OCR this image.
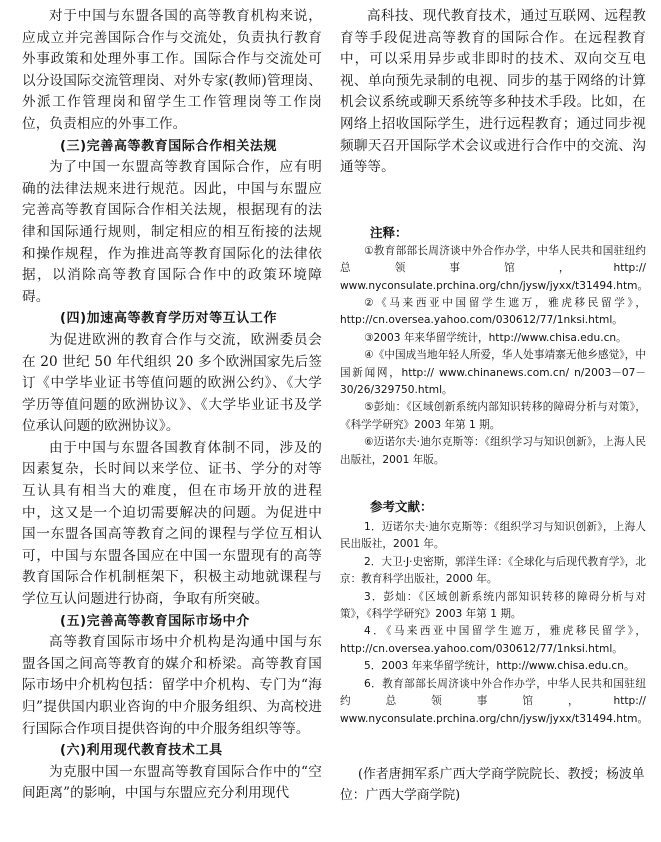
对于中国与东盟各国的高等教育机构来说，应成立并完善国际合作与交流处，负责执行教育外事政策和处理外事工作。国际合作与交流处可以分设国际交流管理岗、对外专家(教师)管理岗、外派工作管理岗和留学生工作管理岗等工作岗位，负责相应的外事工作。

(三)完善高等教育国际合作相关法规

为了中国一东盟高等教育国际合作，应有明确的法律法规来进行规范。因此，中国与东盟应完善高等教育国际合作相关法规，根据现有的法律和国际通行规则，制定相应的相互衔接的法规和操作规程，作为推进高等教育国际化的法律依据，以消除高等教育国际合作中的政策环境障碍。

(四)加速高等教育学历对等互认工作

为促进欧洲的教育合作与交流，欧洲委员会在 20 世纪 50 年代组织 20 多个欧洲国家先后签订《中学毕业证书等值问题的欧洲公约》、《大学学历等值问题的欧洲协议》、《大学毕业证书及学位承认问题的欧洲协议》。

由于中国与东盟各国教育体制不同，涉及的因素复杂，长时间以来学位、证书、学分的对等互认具有相当大的难度，但在市场开放的进程中，这又是一个迫切需要解决的问题。为促进中国一东盟各国高等教育之间的课程与学位互相认可，中国与东盟各国应在中国一东盟现有的高等教育国际合作机制框架下，积极主动地就课程与学位互认问题进行协商，争取有所突破。

(五)完善高等教育国际市场中介

高等教育国际市场中介机构是沟通中国与东盟各国之间高等教育的媒介和桥梁。高等教育国际市场中介机构包括：留学中介机构、专门为“海归”提供国内职业咨询的中介服务组织、为高校进行国际合作项目提供咨询的中介服务组织等等。

(六)利用现代教育技术工具

为克服中国一东盟高等教育国际合作中的“空间距离”的影响，中国与东盟应充分利用现代

高科技、现代教育技术，通过互联网、远程教育等手段促进高等教育的国际合作。在远程教育中，可以采用异步或非即时的技术、双向交互电视、单向预先录制的电视、同步的基于网络的计算机会议系统或聊天系统等多种技术手段。比如，在网络上招收国际学生，进行远程教育；通过同步视频聊天召开国际学术会议或进行合作中的交流、沟通等等。

注释：

①教育部部长周济谈中外合作办学，中华人民共和国驻纽约总领事馆，http:// www.nyconsulate.prchina.org/chn/jysw/jyxx/t31494.htm。

②《马来西亚中国留学生遮万，雅虎移民留学》，http://cn.oversea.yahoo.com/030612/77/1nksi.html。

③2003 年来华留学统计，http://www.chisa.edu.cn。

④《中国成当地年轻人所爱，华人处事靖寨无他乡感觉》，中国新闻网，http:// www.chinanews.com.cn/ n/2003－07－30/26/329750.html。

⑤彭灿：《区域创新系统内部知识转移的障碍分析与对策》，《科学学研究》2003 年第 1 期。

⑥迈诺尔夫·迪尔克斯等：《组织学习与知识创新》，上海人民出版社，2001 年版。

参考文献：

1．迈诺尔夫·迪尔克斯等：《组织学习与知识创新》，上海人民出版社，2001 年。

2．大卫·J·史密斯，郭洋生译：《全球化与后现代教育学》，北京：教育科学出版社，2000 年。

3．彭灿：《区域创新系统内部知识转移的障碍分析与对策》，《科学学研究》2003 年第 1 期。

4．《马来西亚中国留学生遮万，雅虎移民留学》，http://cn.oversea.yahoo.com/030612/77/1nksi.html。

5．2003 年来华留学统计，http://www.chisa.edu.cn。

6．教育部部长周济谈中外合作办学，中华人民共和国驻纽约总领事馆，http:// www.nyconsulate.prchina.org/chn/jysw/jyxx/t31494.htm。

(作者唐拥军系广西大学商学院院长、教授；杨波单位：广西大学商学院)
